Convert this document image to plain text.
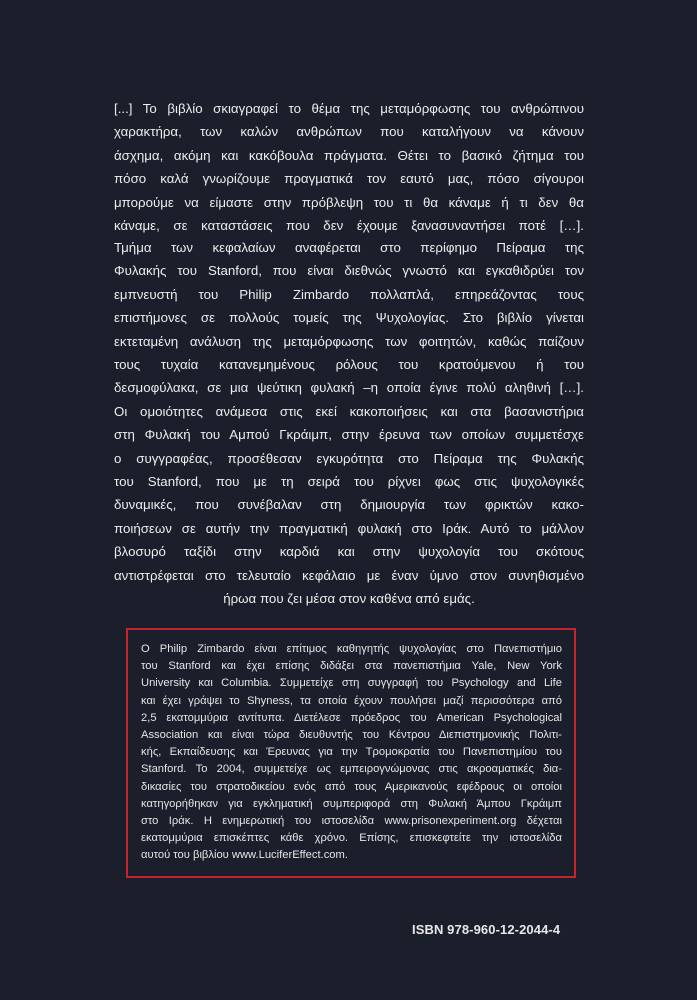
[...] Το βιβλίο σκιαγραφεί το θέμα της μεταμόρφωσης του ανθρώπινου
χαρακτήρα, των καλών ανθρώπων που καταλήγουν να κάνουν
άσχημα, ακόμη και κακόβουλα πράγματα. Θέτει το βασικό ζήτημα του
πόσο καλά γνωρίζουμε πραγματικά τον εαυτό μας, πόσο σίγουροι
μπορούμε να είμαστε στην πρόβλεψη του τι θα κάναμε ή τι δεν θα
κάναμε, σε καταστάσεις που δεν έχουμε ξανασυναντήσει ποτέ […].
Τμήμα των κεφαλαίων αναφέρεται στο περίφημο Πείραμα της
Φυλακής του Stanford, που είναι διεθνώς γνωστό και εγκαθιδρύει τον
εμπνευστή του Philip Zimbardo πολλαπλά, επηρεάζοντας τους
επιστήμονες σε πολλούς τομείς της Ψυχολογίας. Στο βιβλίο γίνεται
εκτεταμένη ανάλυση της μεταμόρφωσης των φοιτητών, καθώς παίζουν
τους τυχαία κατανεμημένους ρόλους του κρατούμενου ή του
δεσμοφύλακα, σε μια ψεύτικη φυλακή –η οποία έγινε πολύ αληθινή […].
Οι ομοιότητες ανάμεσα στις εκεί κακοποιήσεις και στα βασανιστήρια
στη Φυλακή του Αμπού Γκράιμπ, στην έρευνα των οποίων συμμετέσχε
ο συγγραφέας, προσέθεσαν εγκυρότητα στο Πείραμα της Φυλακής
του Stanford, που με τη σειρά του ρίχνει φως στις ψυχολογικές
δυναμικές, που συνέβαλαν στη δημιουργία των φρικτών κακο-
ποιήσεων σε αυτήν την πραγματική φυλακή στο Ιράκ. Αυτό το μάλλον
βλοσυρό ταξίδι στην καρδιά και στην ψυχολογία του σκότους
αντιστρέφεται στο τελευταίο κεφάλαιο με έναν ύμνο στον συνηθισμένο
ήρωα που ζει μέσα στον καθένα από εμάς.
Ο Philip Zimbardo είναι επίτιμος καθηγητής ψυχολογίας στο Πανεπιστήμιο
του Stanford και έχει επίσης διδάξει στα πανεπιστήμια Yale, New York
University και Columbia. Συμμετείχε στη συγγραφή του Psychology and Life
και έχει γράψει το Shyness, τα οποία έχουν πουλήσει μαζί περισσότερα από
2,5 εκατομμύρια αντίτυπα. Διετέλεσε πρόεδρος του American Psychological
Association και είναι τώρα διευθυντής του Κέντρου Διεπιστημονικής Πολιτι-
κής, Εκπαίδευσης και Έρευνας για την Τρομοκρατία του Πανεπιστημίου του
Stanford. Το 2004, συμμετείχε ως εμπειρογνώμονας στις ακροαματικές δια-
δικασίες του στρατοδικείου ενός από τους Αμερικανούς εφέδρους οι οποίοι
κατηγορήθηκαν για εγκληματική συμπεριφορά στη Φυλακή Άμπου Γκράιμπ
στο Ιράκ. Η ενημερωτική του ιστοσελίδα www.prisonexperiment.org δέχεται
εκατομμύρια επισκέπτες κάθε χρόνο. Επίσης, επισκεφτείτε την ιστοσελίδα
αυτού του βιβλίου www.LuciferEffect.com.
ISBN 978-960-12-2044-4
